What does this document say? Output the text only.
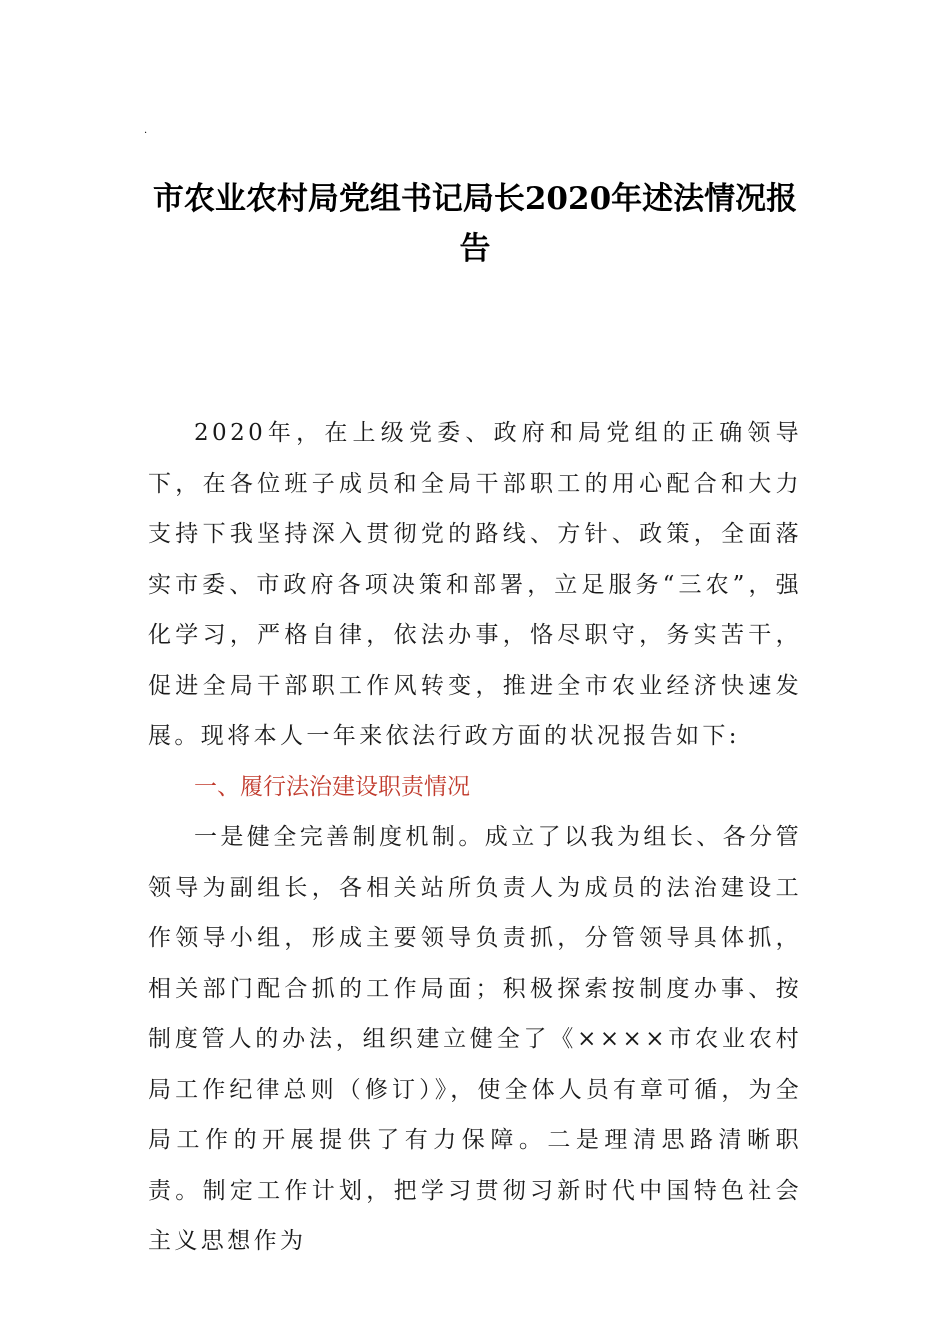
.
市农业农村局党组书记局长2020年述法情况报告

2020年，在上级党委、政府和局党组的正确领导下，在各位班子成员和全局干部职工的用心配合和大力支持下我坚持深入贯彻党的路线、方针、政策，全面落实市委、市政府各项决策和部署，立足服务“三农”，强化学习，严格自律，依法办事，恪尽职守，务实苦干，促进全局干部职工作风转变，推进全市农业经济快速发展。现将本人一年来依法行政方面的状况报告如下:

一、履行法治建设职责情况

一是健全完善制度机制。成立了以我为组长、各分管领导为副组长，各相关站所负责人为成员的法治建设工作领导小组，形成主要领导负责抓，分管领导具体抓，相关部门配合抓的工作局面；积极探索按制度办事、按制度管人的办法，组织建立健全了《××××市农业农村局工作纪律总则（修订）》，使全体人员有章可循，为全局工作的开展提供了有力保障。二是理清思路清晰职责。制定工作计划，把学习贯彻习新时代中国特色社会主义思想作为
